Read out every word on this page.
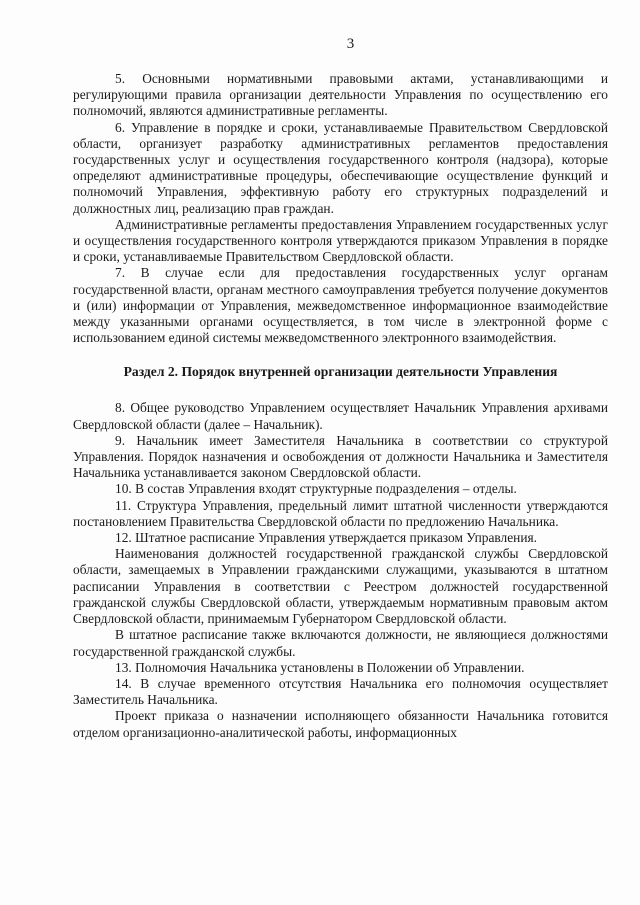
3

5. Основными нормативными правовыми актами, устанавливающими и регулирующими правила организации деятельности Управления по осуществлению его полномочий, являются административные регламенты.

6. Управление в порядке и сроки, устанавливаемые Правительством Свердловской области, организует разработку административных регламентов предоставления государственных услуг и осуществления государственного контроля (надзора), которые определяют административные процедуры, обеспечивающие осуществление функций и полномочий Управления, эффективную работу его структурных подразделений и должностных лиц, реализацию прав граждан.

Административные регламенты предоставления Управлением государственных услуг и осуществления государственного контроля утверждаются приказом Управления в порядке и сроки, устанавливаемые Правительством Свердловской области.

7. В случае если для предоставления государственных услуг органам государственной власти, органам местного самоуправления требуется получение документов и (или) информации от Управления, межведомственное информационное взаимодействие между указанными органами осуществляется, в том числе в электронной форме с использованием единой системы межведомственного электронного взаимодействия.

Раздел 2. Порядок внутренней организации деятельности Управления

8. Общее руководство Управлением осуществляет Начальник Управления архивами Свердловской области (далее – Начальник).

9. Начальник имеет Заместителя Начальника в соответствии со структурой Управления. Порядок назначения и освобождения от должности Начальника и Заместителя Начальника устанавливается законом Свердловской области.

10. В состав Управления входят структурные подразделения – отделы.

11. Структура Управления, предельный лимит штатной численности утверждаются постановлением Правительства Свердловской области по предложению Начальника.

12. Штатное расписание Управления утверждается приказом Управления.

Наименования должностей государственной гражданской службы Свердловской области, замещаемых в Управлении гражданскими служащими, указываются в штатном расписании Управления в соответствии с Реестром должностей государственной гражданской службы Свердловской области, утверждаемым нормативным правовым актом Свердловской области, принимаемым Губернатором Свердловской области.

В штатное расписание также включаются должности, не являющиеся должностями государственной гражданской службы.

13. Полномочия Начальника установлены в Положении об Управлении.

14. В случае временного отсутствия Начальника его полномочия осуществляет Заместитель Начальника.

Проект приказа о назначении исполняющего обязанности Начальника готовится отделом организационно-аналитической работы, информационных
